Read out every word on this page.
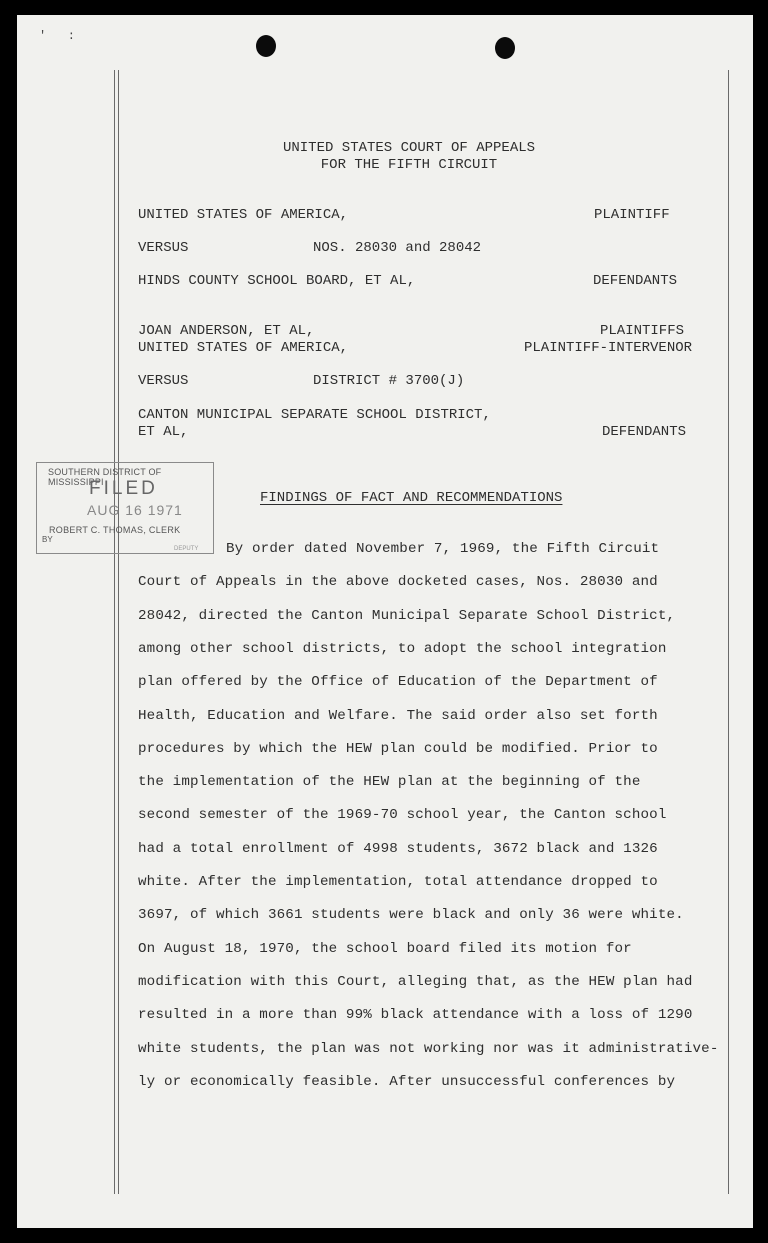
'   :
UNITED STATES COURT OF APPEALS
FOR THE FIFTH CIRCUIT
UNITED STATES OF AMERICA,	PLAINTIFF
VERSUS	NOS. 28030 and 28042
HINDS COUNTY SCHOOL BOARD, ET AL,	DEFENDANTS
JOAN ANDERSON, ET AL,	PLAINTIFFS
UNITED STATES OF AMERICA,	PLAINTIFF-INTERVENOR
VERSUS	DISTRICT # 3700(J)
CANTON MUNICIPAL SEPARATE SCHOOL DISTRICT,
ET AL,	DEFENDANTS
SOUTHERN DISTRICT OF MISSISSIPPI
FILED
AUG 16 1971
ROBERT C. THOMAS, CLERK
BY
DEPUTY
FINDINGS OF FACT AND RECOMMENDATIONS
By order dated November 7, 1969, the Fifth Circuit
Court of Appeals in the above docketed cases, Nos. 28030 and
28042, directed the Canton Municipal Separate School District,
among other school districts, to adopt the school integration
plan offered by the Office of Education of the Department of
Health, Education and Welfare. The said order also set forth
procedures by which the HEW plan could be modified. Prior to
the implementation of the HEW plan at the beginning of the
second semester of the 1969-70 school year, the Canton school
had a total enrollment of 4998 students, 3672 black and 1326
white. After the implementation, total attendance dropped to
3697, of which 3661 students were black and only 36 were white.
On August 18, 1970, the school board filed its motion for
modification with this Court, alleging that, as the HEW plan had
resulted in a more than 99% black attendance with a loss of 1290
white students, the plan was not working nor was it administrative-
ly or economically feasible. After unsuccessful conferences by
